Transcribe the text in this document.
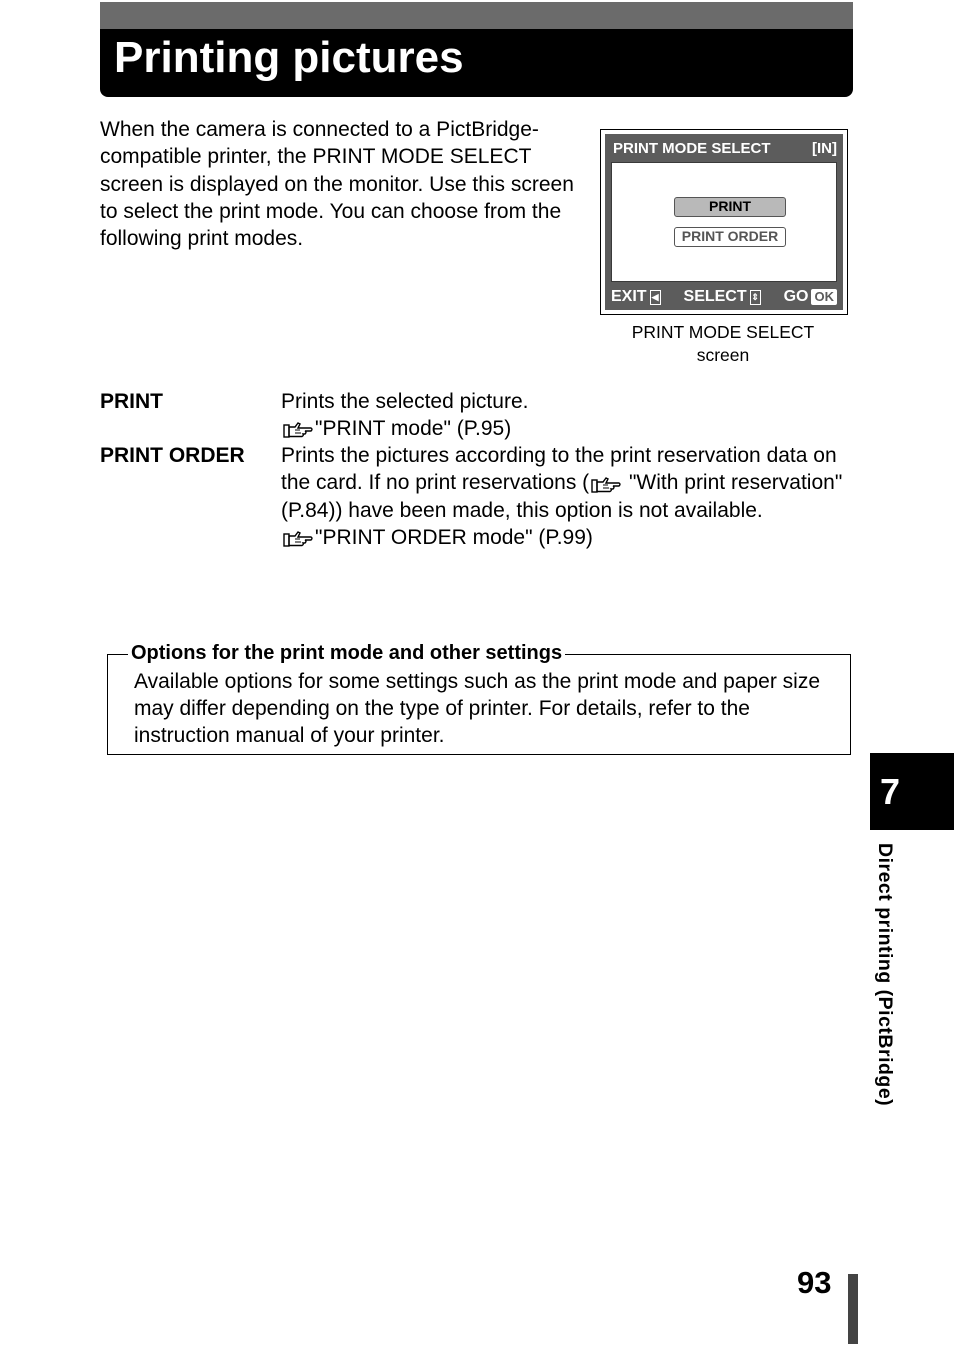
Printing pictures

When the camera is connected to a PictBridge-compatible printer, the PRINT MODE SELECT screen is displayed on the monitor. Use this screen to select the print mode. You can choose from the following print modes.

PRINT MODE SELECT	[IN]
PRINT
PRINT ORDER
EXIT ◀ SELECT ⇕ GO OK
PRINT MODE SELECT
screen
PRINT	Prints the selected picture.
"PRINT mode" (P.95)
PRINT ORDER Prints the pictures according to the print reservation data on the card. If no print reservations (
"With print reservation" (P.84)) have been made, this option is not available.
"PRINT ORDER mode" (P.99)
Options for the print mode and other settings

Available options for some settings such as the print mode and paper size may differ depending on the type of printer. For details, refer to the instruction manual of your printer.

7
Direct printing (PictBridge)
93
